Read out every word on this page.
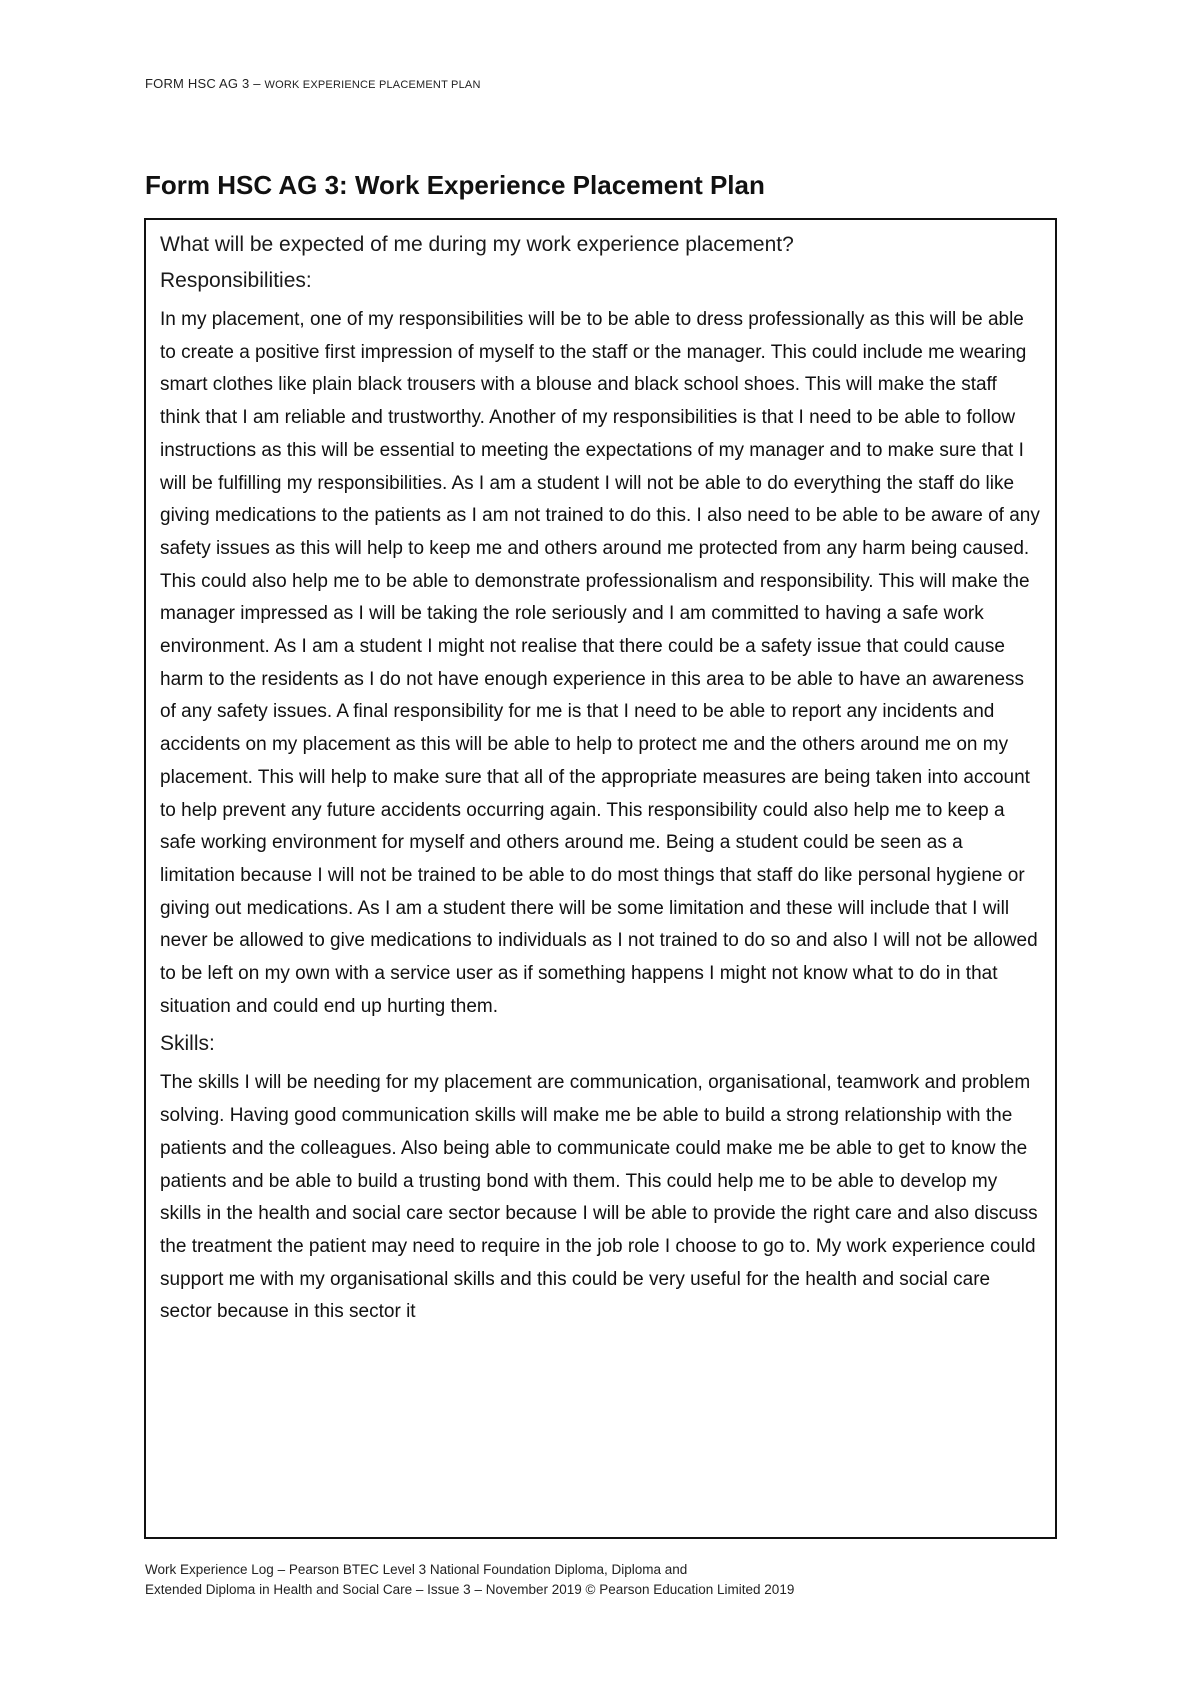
FORM HSC AG 3 – WORK EXPERIENCE PLACEMENT PLAN
Form HSC AG 3: Work Experience Placement Plan

What will be expected of me during my work experience placement?

Responsibilities:

In my placement, one of my responsibilities will be to be able to dress professionally as this will be able to create a positive first impression of myself to the staff or the manager. This could include me wearing smart clothes like plain black trousers with a blouse and black school shoes. This will make the staff think that I am reliable and trustworthy. Another of my responsibilities is that I need to be able to follow instructions as this will be essential to meeting the expectations of my manager and to make sure that I will be fulfilling my responsibilities. As I am a student I will not be able to do everything the staff do like giving medications to the patients as I am not trained to do this. I also need to be able to be aware of any safety issues as this will help to keep me and others around me protected from any harm being caused. This could also help me to be able to demonstrate professionalism and responsibility. This will make the manager impressed as I will be taking the role seriously and I am committed to having a safe work environment. As I am a student I might not realise that there could be a safety issue that could cause harm to the residents as I do not have enough experience in this area to be able to have an awareness of any safety issues. A final responsibility for me is that I need to be able to report any incidents and accidents on my placement as this will be able to help to protect me and the others around me on my placement. This will help to make sure that all of the appropriate measures are being taken into account to help prevent any future accidents occurring again. This responsibility could also help me to keep a safe working environment for myself and others around me. Being a student could be seen as a limitation because I will not be trained to be able to do most things that staff do like personal hygiene or giving out medications. As I am a student there will be some limitation and these will include that I will never be allowed to give medications to individuals as I not trained to do so and also I will not be allowed to be left on my own with a service user as if something happens I might not know what to do in that situation and could end up hurting them.

Skills:

The skills I will be needing for my placement are communication, organisational, teamwork and problem solving. Having good communication skills will make me be able to build a strong relationship with the patients and the colleagues. Also being able to communicate could make me be able to get to know the patients and be able to build a trusting bond with them. This could help me to be able to develop my skills in the health and social care sector because I will be able to provide the right care and also discuss the treatment the patient may need to require in the job role I choose to go to. My work experience could support me with my organisational skills and this could be very useful for the health and social care sector because in this sector it

Work Experience Log – Pearson BTEC Level 3 National Foundation Diploma, Diploma and
Extended Diploma in Health and Social Care – Issue 3 – November 2019 © Pearson Education Limited 2019
